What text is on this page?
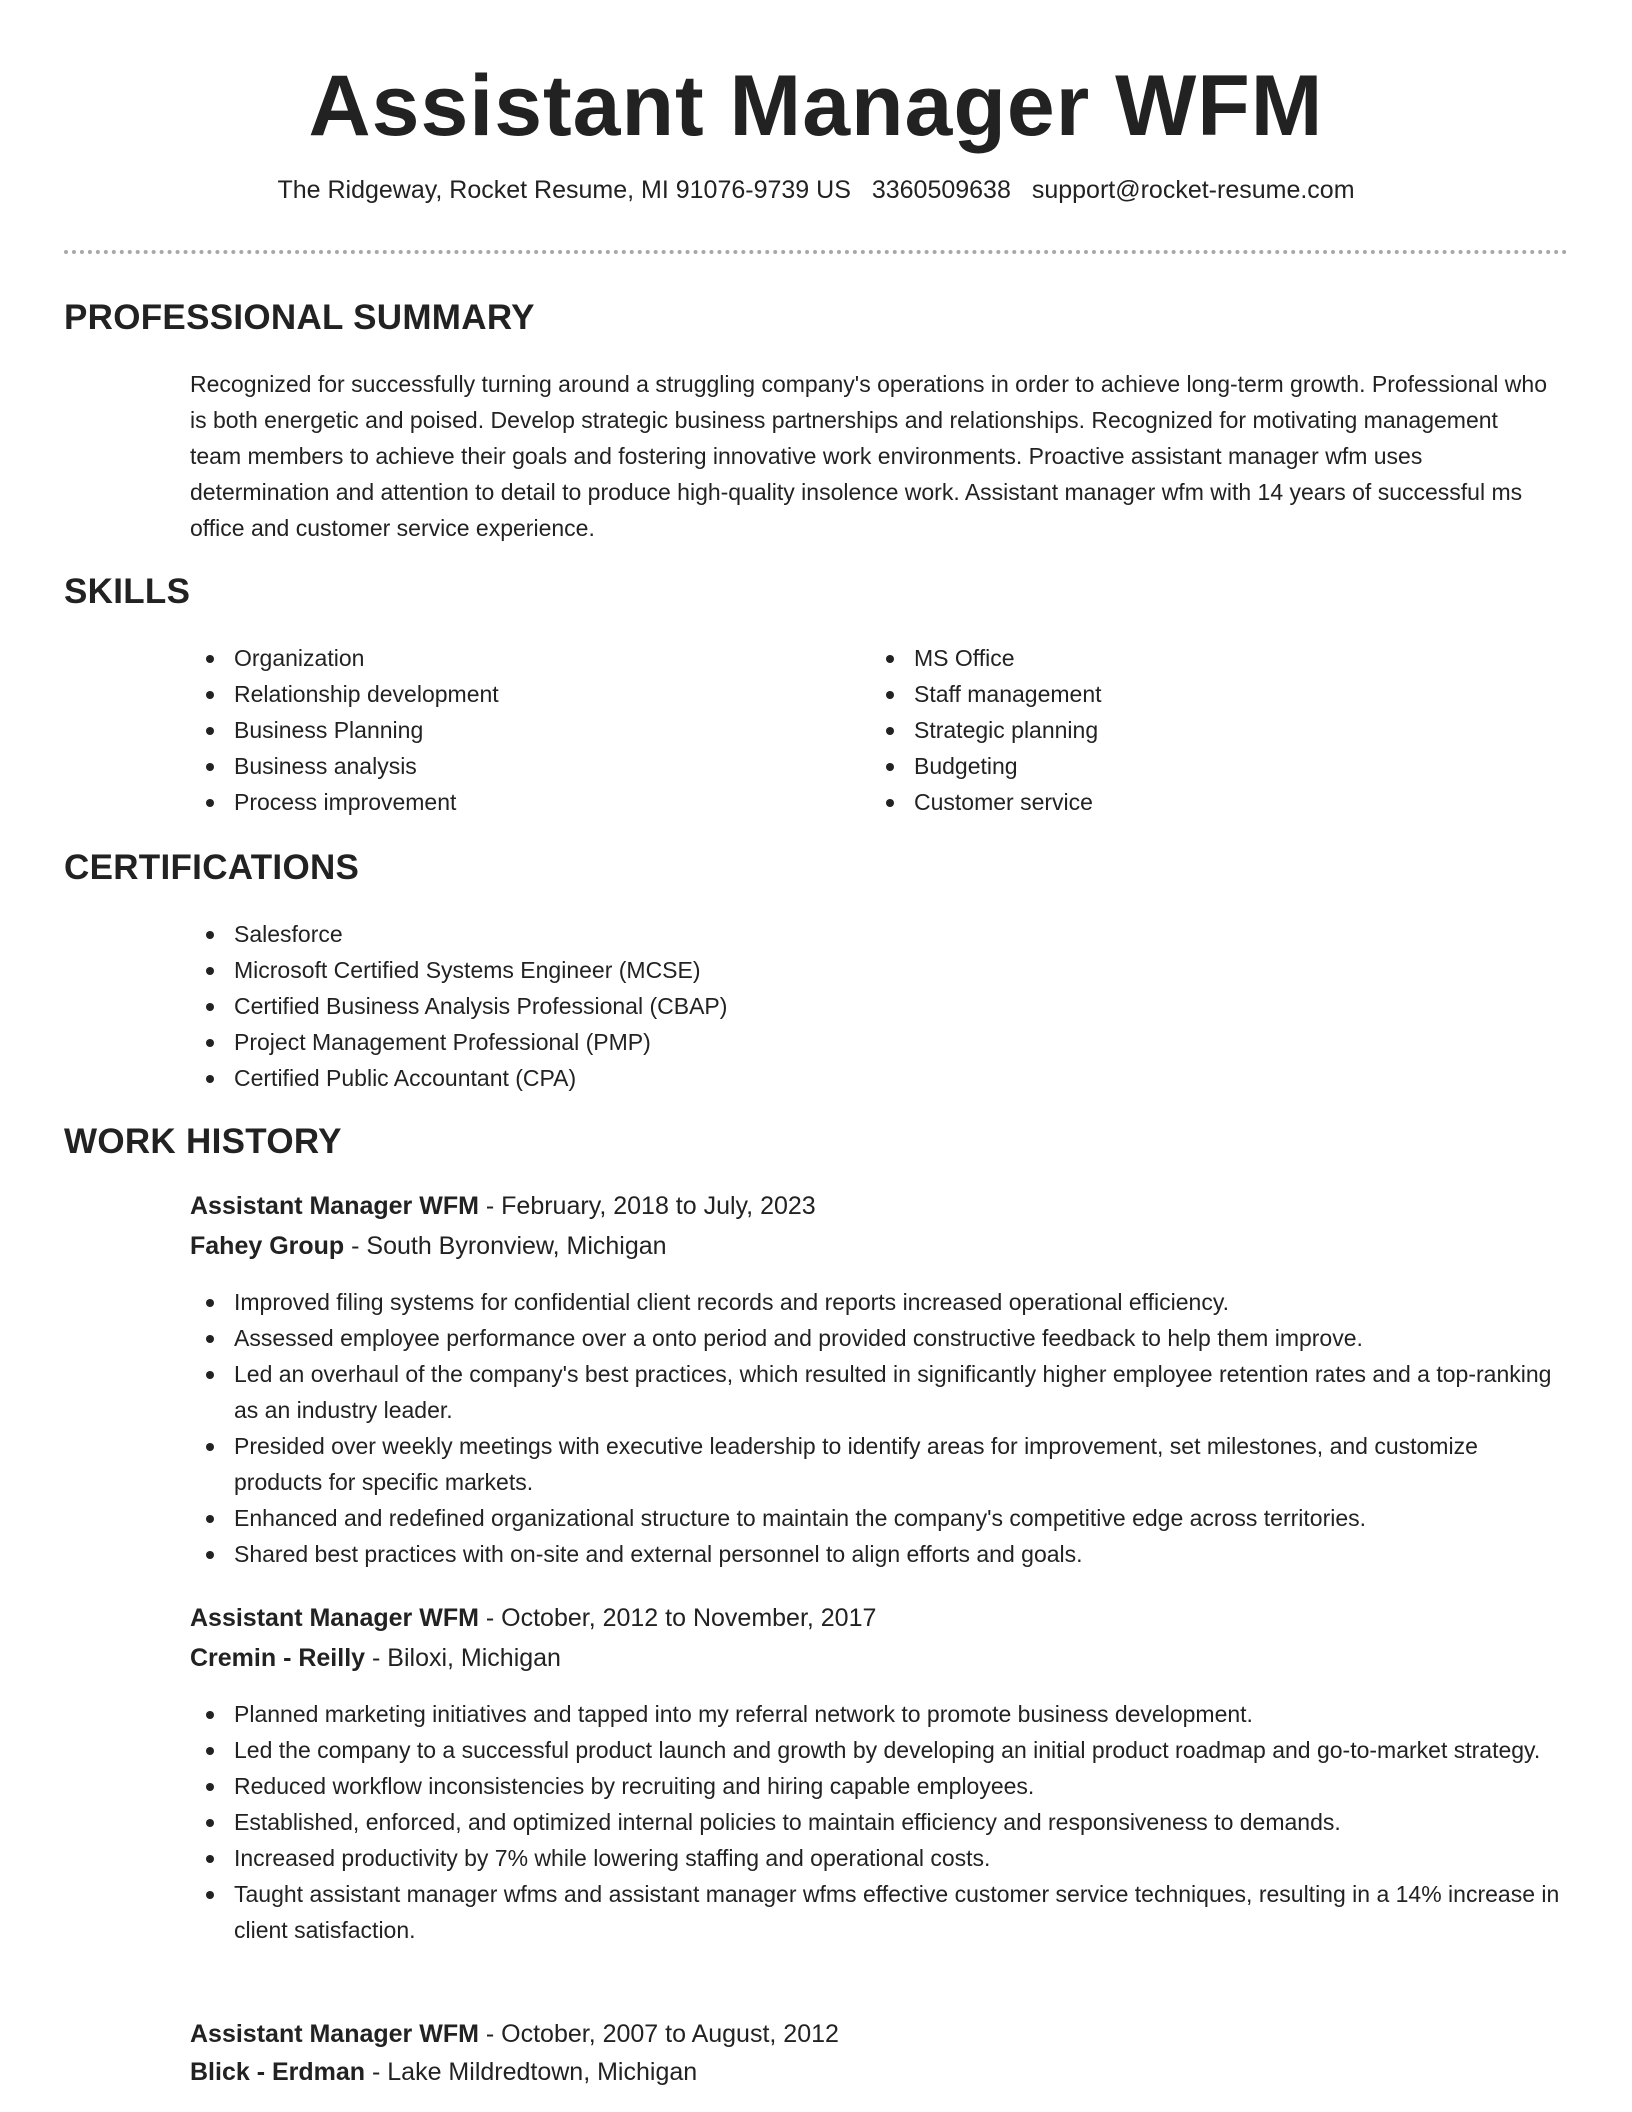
Assistant Manager WFM
The Ridgeway, Rocket Resume, MI 91076-9739 US 3360509638 support@rocket-resume.com
PROFESSIONAL SUMMARY

Recognized for successfully turning around a struggling company's operations in order to achieve long-term growth. Professional who is both energetic and poised. Develop strategic business partnerships and relationships. Recognized for motivating management team members to achieve their goals and fostering innovative work environments. Proactive assistant manager wfm uses determination and attention to detail to produce high-quality insolence work. Assistant manager wfm with 14 years of successful ms office and customer service experience.

SKILLS
Organization
Relationship development
Business Planning
Business analysis
Process improvement
MS Office
Staff management
Strategic planning
Budgeting
Customer service
CERTIFICATIONS
Salesforce
Microsoft Certified Systems Engineer (MCSE)
Certified Business Analysis Professional (CBAP)
Project Management Professional (PMP)
Certified Public Accountant (CPA)
WORK HISTORY

Assistant Manager WFM - February, 2018 to July, 2023

Fahey Group - South Byronview, Michigan

Improved filing systems for confidential client records and reports increased operational efficiency.
Assessed employee performance over a onto period and provided constructive feedback to help them improve.
Led an overhaul of the company's best practices, which resulted in significantly higher employee retention rates and a top-ranking as an industry leader.
Presided over weekly meetings with executive leadership to identify areas for improvement, set milestones, and customize products for specific markets.
Enhanced and redefined organizational structure to maintain the company's competitive edge across territories.
Shared best practices with on-site and external personnel to align efforts and goals.

Assistant Manager WFM - October, 2012 to November, 2017

Cremin - Reilly - Biloxi, Michigan

Planned marketing initiatives and tapped into my referral network to promote business development.
Led the company to a successful product launch and growth by developing an initial product roadmap and go-to-market strategy.
Reduced workflow inconsistencies by recruiting and hiring capable employees.
Established, enforced, and optimized internal policies to maintain efficiency and responsiveness to demands.
Increased productivity by 7% while lowering staffing and operational costs.
Taught assistant manager wfms and assistant manager wfms effective customer service techniques, resulting in a 14% increase in client satisfaction.

Assistant Manager WFM - October, 2007 to August, 2012

Blick - Erdman - Lake Mildredtown, Michigan
